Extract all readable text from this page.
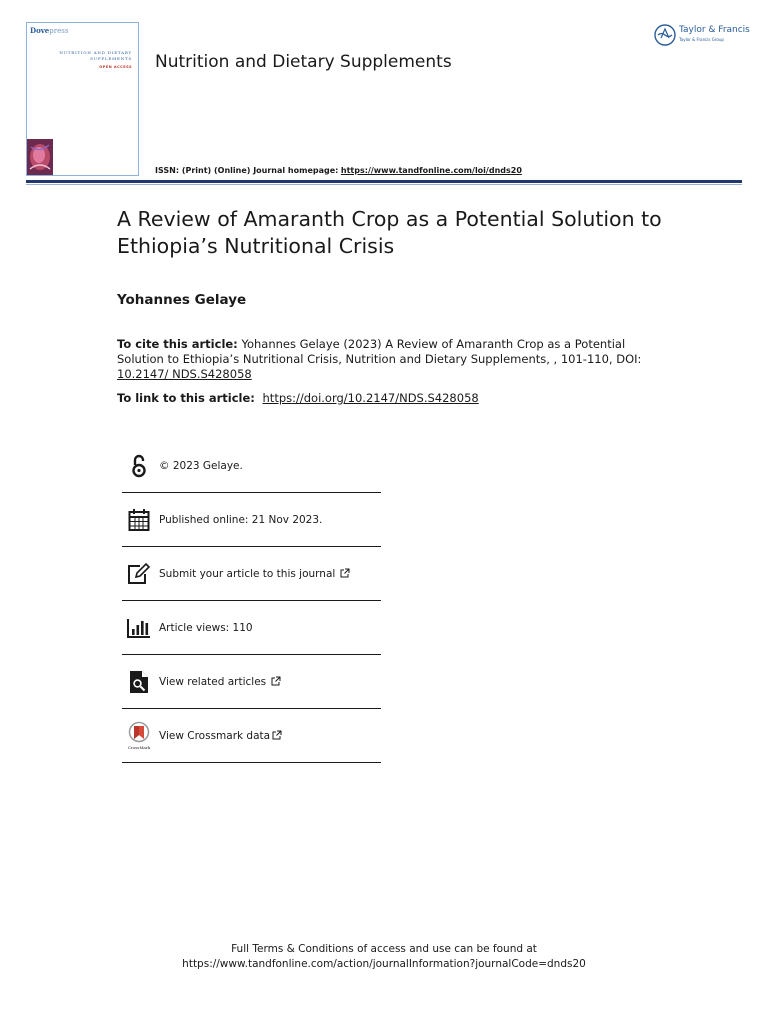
Dovepress
NUTRITION AND DIETARY SUPPLEMENTS
OPEN ACCESS Nutrition and Dietary Supplements
ISSN: (Print) (Online) Journal homepage: https://www.tandfonline.com/loi/dnds20
Taylor & Francis
Taylor & Francis Group
A Review of Amaranth Crop as a Potential Solution to Ethiopia’s Nutritional Crisis
Yohannes Gelaye
To cite this article: Yohannes Gelaye (2023) A Review of Amaranth Crop as a Potential Solution to Ethiopia’s Nutritional Crisis, Nutrition and Dietary Supplements, , 101-110, DOI: 10.2147/ NDS.S428058
To link to this article: https://doi.org/10.2147/NDS.S428058
© 2023 Gelaye.
Published online: 21 Nov 2023.
Submit your article to this journal
Article views: 110
View related articles
CrossMark
View Crossmark data
Full Terms & Conditions of access and use can be found at
https://www.tandfonline.com/action/journalInformation?journalCode=dnds20
